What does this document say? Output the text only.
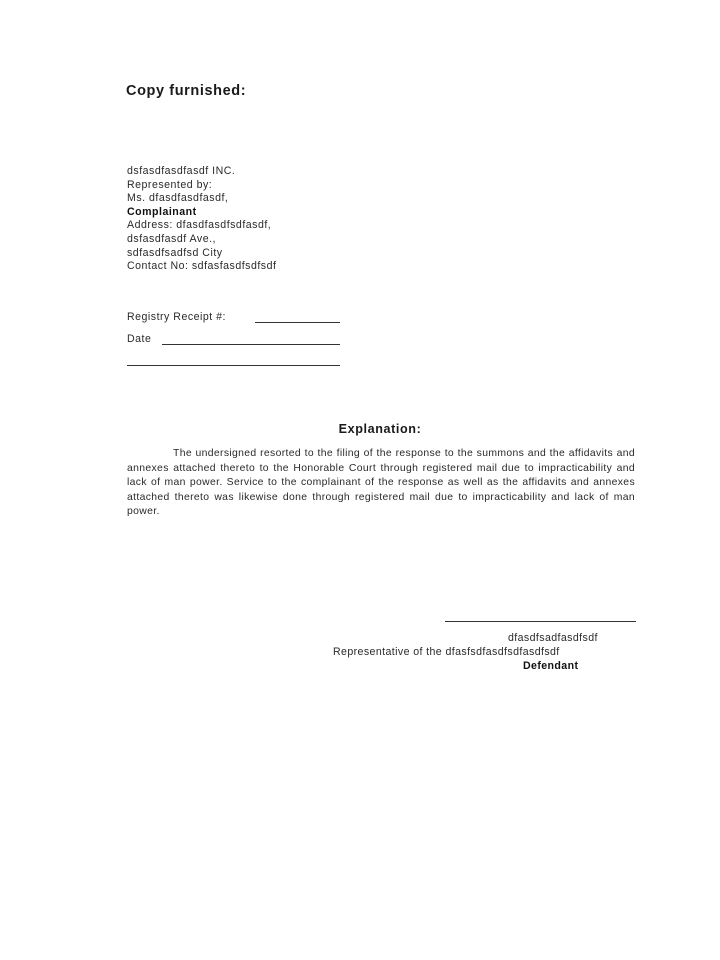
Copy furnished:
dsfasdfasdfasdf INC.
Represented by:
Ms. dfasdfasdfasdf,
Complainant
Address: dfasdfasdfsdfasdf,
dsfasdfasdf Ave.,
sdfasdfsadfsd City
Contact No: sdfasfasdfsdfsdf
Registry Receipt #:
Date
Explanation:

The undersigned resorted to the filing of the response to the summons and the affidavits and annexes attached thereto to the Honorable Court through registered mail due to impracticability and lack of man power. Service to the complainant of the response as well as the affidavits and annexes attached thereto was likewise done through registered mail due to impracticability and lack of man power.

dfasdfsadfasdfsdf
Representative of the dfasfsdfasdfsdfasdfsdf
Defendant
